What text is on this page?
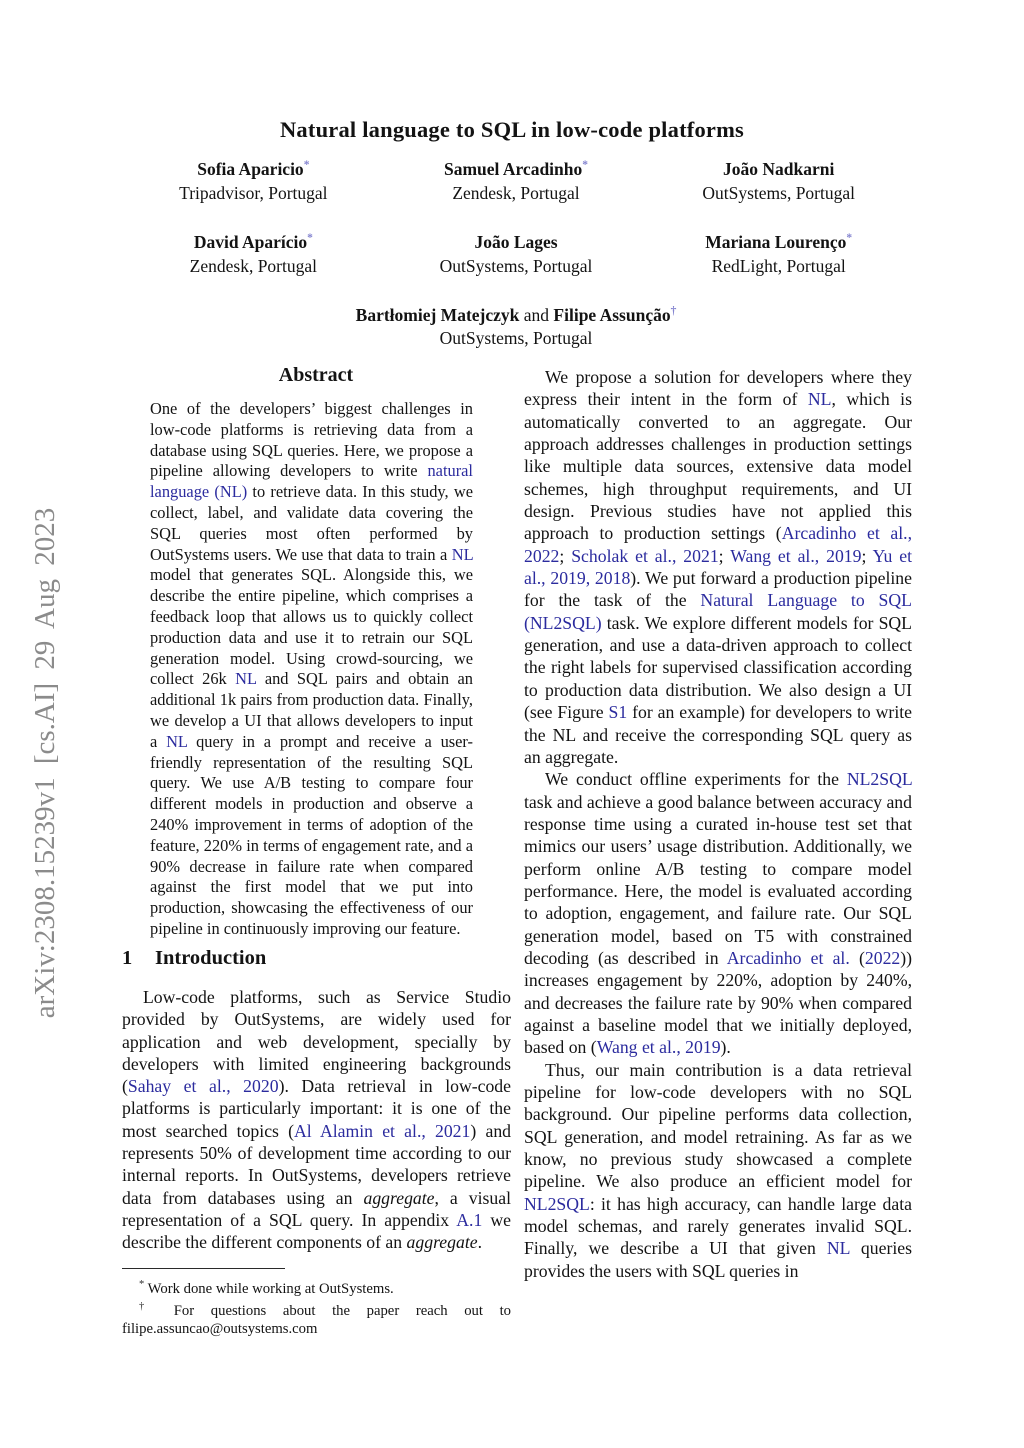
arXiv:2308.15239v1 [cs.AI] 29 Aug 2023
Natural language to SQL in low-code platforms
Sofia Aparicio*
Tripadvisor, Portugal
Samuel Arcadinho*
Zendesk, Portugal
João Nadkarni
OutSystems, Portugal
David Aparício*
Zendesk, Portugal
João Lages
OutSystems, Portugal
Mariana Lourenço*
RedLight, Portugal
Bartłomiej Matejczyk and Filipe Assunção†
OutSystems, Portugal
Abstract
One of the developers’ biggest challenges in low-code platforms is retrieving data from a database using SQL queries. Here, we propose a pipeline allowing developers to write natural language (NL) to retrieve data. In this study, we collect, label, and validate data covering the SQL queries most often performed by OutSystems users. We use that data to train a NL model that generates SQL. Alongside this, we describe the entire pipeline, which comprises a feedback loop that allows us to quickly collect production data and use it to retrain our SQL generation model. Using crowd-sourcing, we collect 26k NL and SQL pairs and obtain an additional 1k pairs from production data. Finally, we develop a UI that allows developers to input a NL query in a prompt and receive a user-friendly representation of the resulting SQL query. We use A/B testing to compare four different models in production and observe a 240% improvement in terms of adoption of the feature, 220% in terms of engagement rate, and a 90% decrease in failure rate when compared against the first model that we put into production, showcasing the effectiveness of our pipeline in continuously improving our feature.
1 Introduction
Low-code platforms, such as Service Studio provided by OutSystems, are widely used for application and web development, specially by developers with limited engineering backgrounds (Sahay et al., 2020). Data retrieval in low-code platforms is particularly important: it is one of the most searched topics (Al Alamin et al., 2021) and represents 50% of development time according to our internal reports. In OutSystems, developers retrieve data from databases using an aggregate, a visual representation of a SQL query. In appendix A.1 we describe the different components of an aggregate.
* Work done while working at OutSystems.
† For questions about the paper reach out to filipe.assuncao@outsystems.com

We propose a solution for developers where they express their intent in the form of NL, which is automatically converted to an aggregate. Our approach addresses challenges in production settings like multiple data sources, extensive data model schemes, high throughput requirements, and UI design. Previous studies have not applied this approach to production settings (Arcadinho et al., 2022; Scholak et al., 2021; Wang et al., 2019; Yu et al., 2019, 2018). We put forward a production pipeline for the task of the Natural Language to SQL (NL2SQL) task. We explore different models for SQL generation, and use a data-driven approach to collect the right labels for supervised classification according to production data distribution. We also design a UI (see Figure S1 for an example) for developers to write the NL and receive the corresponding SQL query as an aggregate.

We conduct offline experiments for the NL2SQL task and achieve a good balance between accuracy and response time using a curated in-house test set that mimics our users’ usage distribution. Additionally, we perform online A/B testing to compare model performance. Here, the model is evaluated according to adoption, engagement, and failure rate. Our SQL generation model, based on T5 with constrained decoding (as described in Arcadinho et al. (2022)) increases engagement by 220%, adoption by 240%, and decreases the failure rate by 90% when compared against a baseline model that we initially deployed, based on (Wang et al., 2019).

Thus, our main contribution is a data retrieval pipeline for low-code developers with no SQL background. Our pipeline performs data collection, SQL generation, and model retraining. As far as we know, no previous study showcased a complete pipeline. We also produce an efficient model for NL2SQL: it has high accuracy, can handle large data model schemas, and rarely generates invalid SQL. Finally, we describe a UI that given NL queries provides the users with SQL queries in
